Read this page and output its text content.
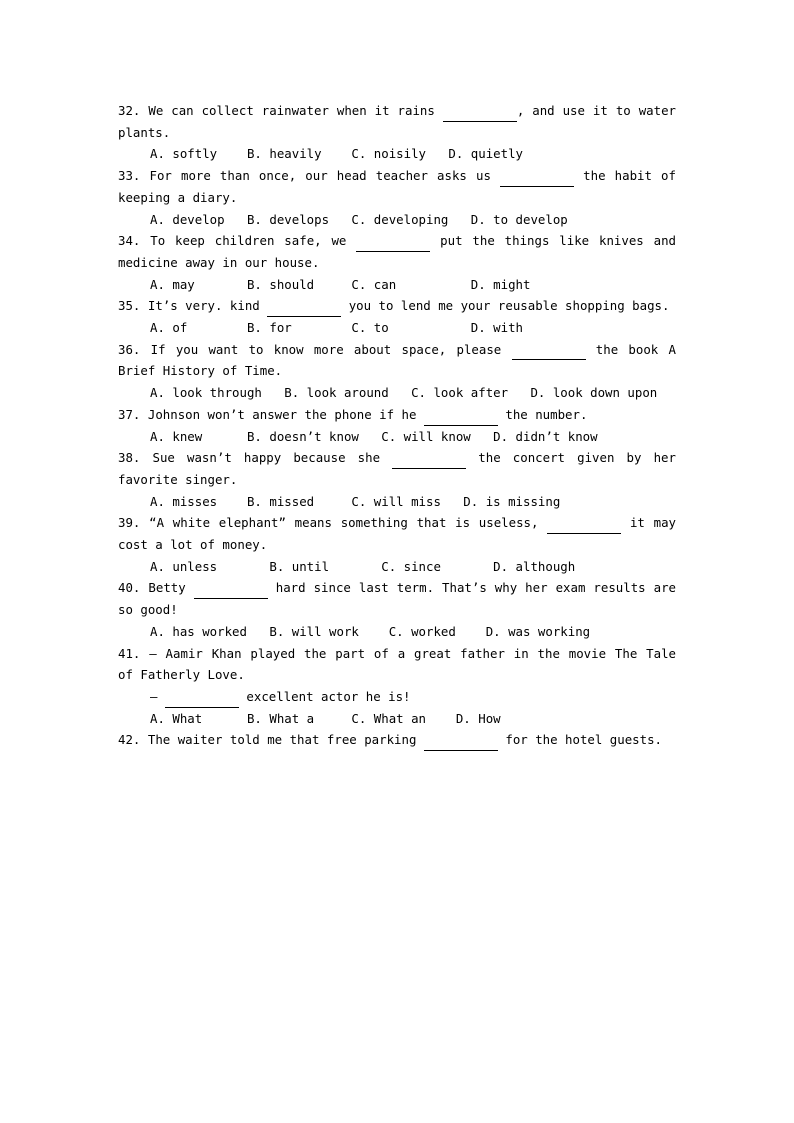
32. We can collect rainwater when it rains	, and use it to water plants.
A. softly    B. heavily    C. noisily   D. quietly
33. For more than once, our head teacher asks us	the habit of keeping a diary.
A. develop   B. develops   C. developing   D. to develop
34. To keep children safe, we	put the things like knives and medicine away in our house.
A. may       B. should     C. can          D. might
35. It’s very. kind	you to lend me your reusable shopping bags.
A. of        B. for        C. to           D. with
36. If you want to know more about space, please	the book A Brief History of Time.
A. look through   B. look around   C. look after   D. look down upon
37. Johnson won’t answer the phone if he	the number.
A. knew      B. doesn’t know   C. will know   D. didn’t know
38. Sue wasn’t happy because she	the concert given by her favorite singer.
A. misses    B. missed     C. will miss   D. is missing
39. “A white elephant” means something that is useless,	it may cost a lot of money.
A. unless       B. until       C. since       D. although
40. Betty	hard since last term. That’s why her exam results are so good!
A. has worked   B. will work    C. worked    D. was working
41. — Aamir Khan played the part of a great father in the movie The Tale of Fatherly Love.
—	excellent actor he is!
A. What      B. What a     C. What an    D. How
42. The waiter told me that free parking	for the hotel guests.
